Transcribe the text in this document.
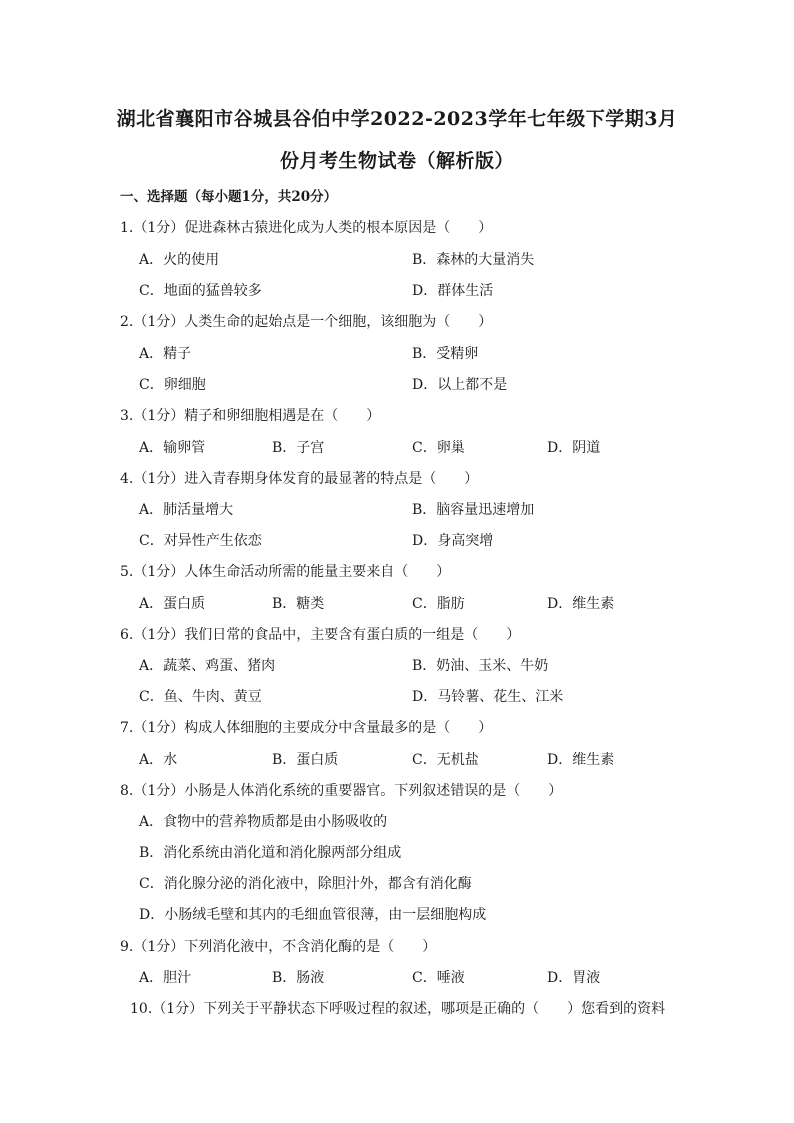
湖北省襄阳市谷城县谷伯中学2022-2023学年七年级下学期3月
份月考生物试卷（解析版）
一、选择题（每小题1分，共20分）
1.（1分）促进森林古猿进化成为人类的根本原因是（　　）
A．火的使用	B．森林的大量消失
C．地面的猛兽较多	D．群体生活
2.（1分）人类生命的起始点是一个细胞，该细胞为（　　）
A．精子	B．受精卵
C．卵细胞	D．以上都不是
3.（1分）精子和卵细胞相遇是在（　　）
A．输卵管	B．子宫	C．卵巢	D．阴道
4.（1分）进入青春期身体发育的最显著的特点是（　　）
A．肺活量增大	B．脑容量迅速增加
C．对异性产生依恋	D．身高突增
5.（1分）人体生命活动所需的能量主要来自（　　）
A．蛋白质	B．糖类	C．脂肪	D．维生素
6.（1分）我们日常的食品中，主要含有蛋白质的一组是（　　）
A．蔬菜、鸡蛋、猪肉	B．奶油、玉米、牛奶
C．鱼、牛肉、黄豆	D．马铃薯、花生、江米
7.（1分）构成人体细胞的主要成分中含量最多的是（　　）
A．水	B．蛋白质	C．无机盐	D．维生素
8.（1分）小肠是人体消化系统的重要器官。下列叙述错误的是（　　）
A．食物中的营养物质都是由小肠吸收的
B．消化系统由消化道和消化腺两部分组成
C．消化腺分泌的消化液中，除胆汁外，都含有消化酶
D．小肠绒毛壁和其内的毛细血管很薄，由一层细胞构成
9.（1分）下列消化液中，不含消化酶的是（　　）
A．胆汁	B．肠液	C．唾液	D．胃液
10.（1分）下列关于平静状态下呼吸过程的叙述，哪项是正确的（　　）您看到的资料
